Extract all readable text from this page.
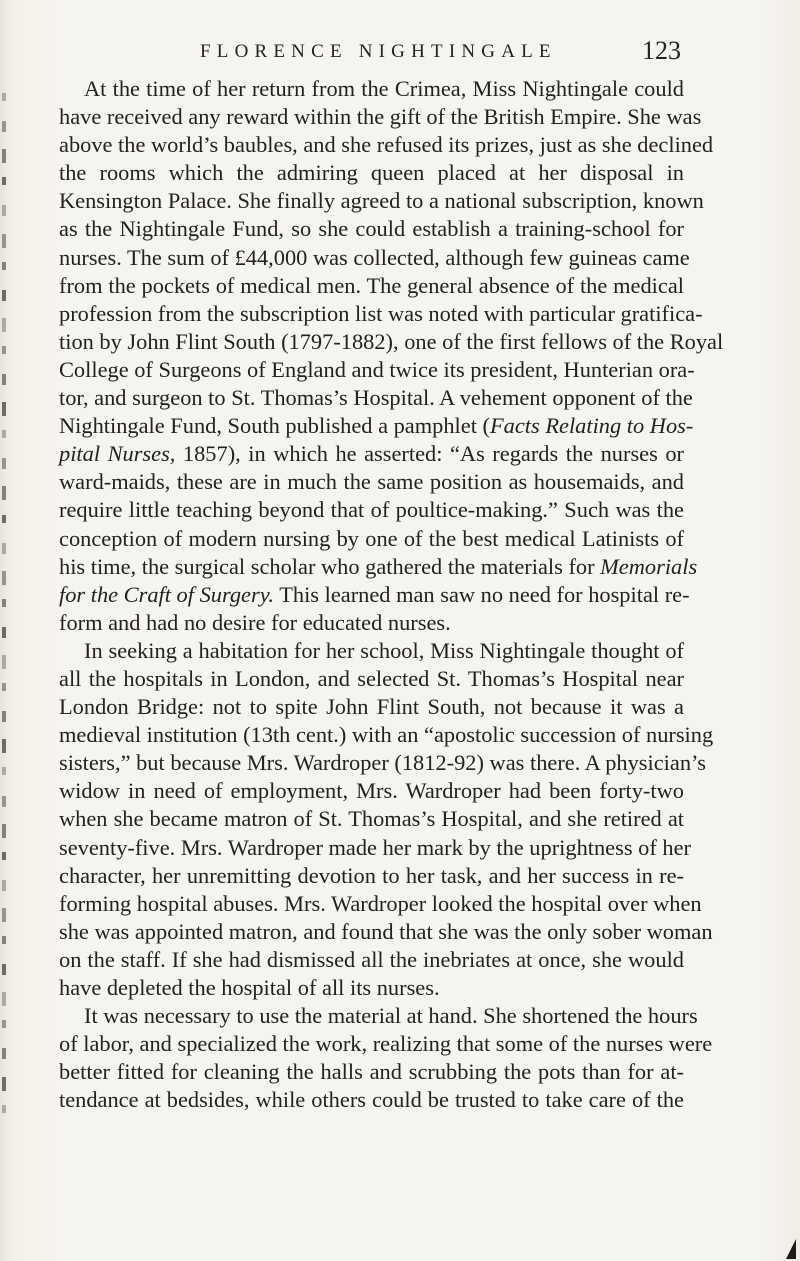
FLORENCE NIGHTINGALE	123
At the time of her return from the Crimea, Miss Nightingale could
have received any reward within the gift of the British Empire. She was
above the world’s baubles, and she refused its prizes, just as she declined
the rooms which the admiring queen placed at her disposal in
Kensington Palace. She finally agreed to a national subscription, known
as the Nightingale Fund, so she could establish a training-school for
nurses. The sum of £44,000 was collected, although few guineas came
from the pockets of medical men. The general absence of the medical
profession from the subscription list was noted with particular gratifica-
tion by John Flint South (1797-1882), one of the first fellows of the Royal
College of Surgeons of England and twice its president, Hunterian ora-
tor, and surgeon to St. Thomas’s Hospital. A vehement opponent of the
Nightingale Fund, South published a pamphlet (Facts Relating to Hos-
pital Nurses, 1857), in which he asserted: “As regards the nurses or
ward-maids, these are in much the same position as housemaids, and
require little teaching beyond that of poultice-making.” Such was the
conception of modern nursing by one of the best medical Latinists of
his time, the surgical scholar who gathered the materials for Memorials
for the Craft of Surgery. This learned man saw no need for hospital re-
form and had no desire for educated nurses.
In seeking a habitation for her school, Miss Nightingale thought of
all the hospitals in London, and selected St. Thomas’s Hospital near
London Bridge: not to spite John Flint South, not because it was a
medieval institution (13th cent.) with an “apostolic succession of nursing
sisters,” but because Mrs. Wardroper (1812-92) was there. A physician’s
widow in need of employment, Mrs. Wardroper had been forty-two
when she became matron of St. Thomas’s Hospital, and she retired at
seventy-five. Mrs. Wardroper made her mark by the uprightness of her
character, her unremitting devotion to her task, and her success in re-
forming hospital abuses. Mrs. Wardroper looked the hospital over when
she was appointed matron, and found that she was the only sober woman
on the staff. If she had dismissed all the inebriates at once, she would
have depleted the hospital of all its nurses.
It was necessary to use the material at hand. She shortened the hours
of labor, and specialized the work, realizing that some of the nurses were
better fitted for cleaning the halls and scrubbing the pots than for at-
tendance at bedsides, while others could be trusted to take care of the
